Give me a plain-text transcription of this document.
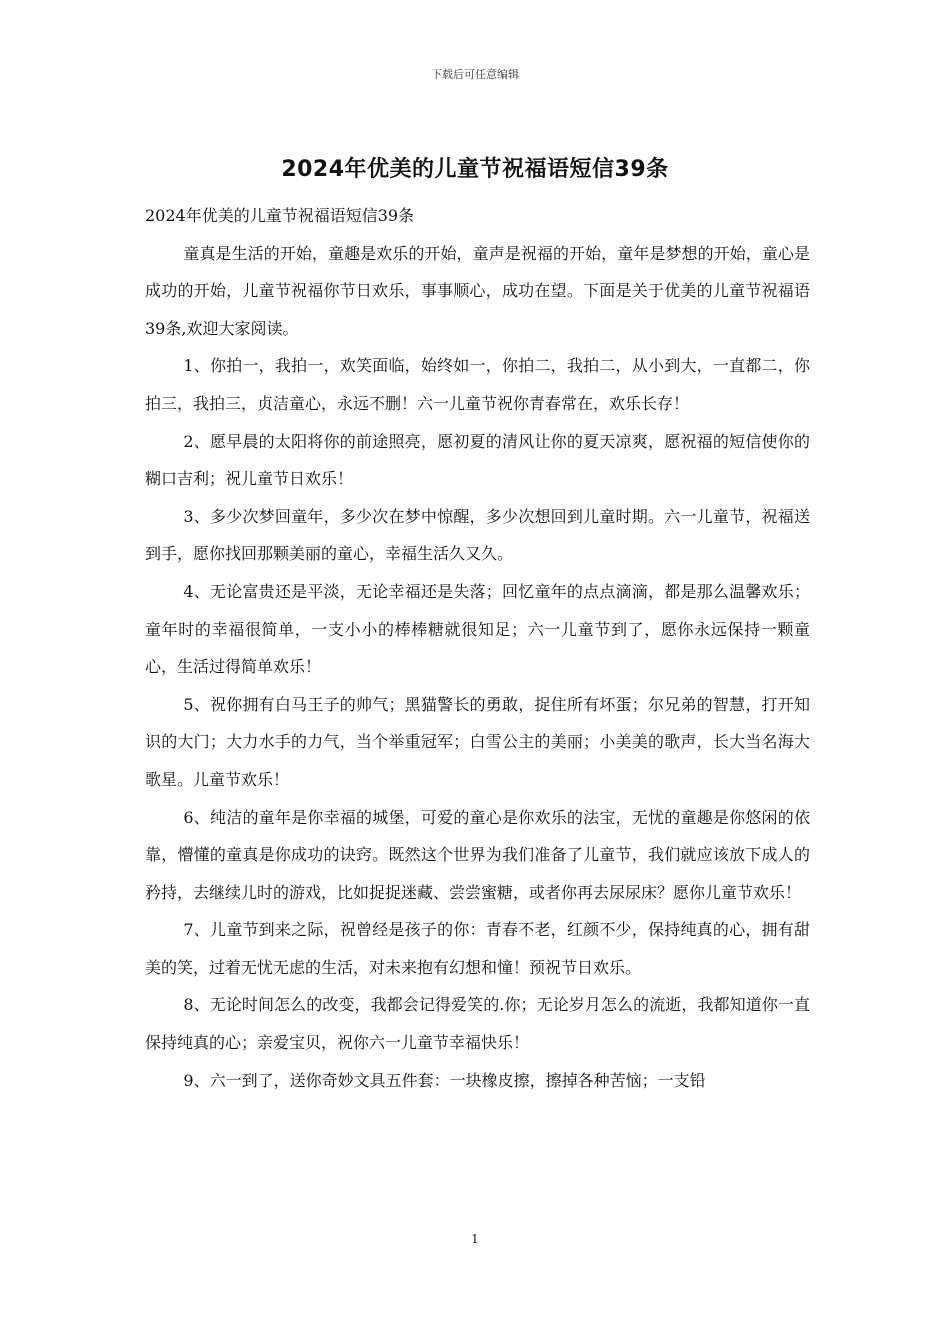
下载后可任意编辑
2024年优美的儿童节祝福语短信39条

2024年优美的儿童节祝福语短信39条

童真是生活的开始，童趣是欢乐的开始，童声是祝福的开始，童年是梦想的开始，童心是成功的开始，儿童节祝福你节日欢乐，事事顺心，成功在望。下面是关于优美的儿童节祝福语39条,欢迎大家阅读。

1、你拍一，我拍一，欢笑面临，始终如一，你拍二，我拍二，从小到大，一直都二，你拍三，我拍三，贞洁童心，永远不删！六一儿童节祝你青春常在，欢乐长存！

2、愿早晨的太阳将你的前途照亮，愿初夏的清风让你的夏天凉爽，愿祝福的短信使你的糊口吉利；祝儿童节日欢乐！

3、多少次梦回童年，多少次在梦中惊醒，多少次想回到儿童时期。六一儿童节，祝福送到手，愿你找回那颗美丽的童心，幸福生活久又久。

4、无论富贵还是平淡，无论幸福还是失落；回忆童年的点点滴滴，都是那么温馨欢乐；童年时的幸福很简单，一支小小的棒棒糖就很知足；六一儿童节到了，愿你永远保持一颗童心，生活过得简单欢乐！

5、祝你拥有白马王子的帅气；黑猫警长的勇敢，捉住所有坏蛋；尔兄弟的智慧，打开知识的大门；大力水手的力气，当个举重冠军；白雪公主的美丽；小美美的歌声，长大当名海大歌星。儿童节欢乐！

6、纯洁的童年是你幸福的城堡，可爱的童心是你欢乐的法宝，无忧的童趣是你悠闲的依靠，懵懂的童真是你成功的诀窍。既然这个世界为我们准备了儿童节，我们就应该放下成人的矜持，去继续儿时的游戏，比如捉捉迷藏、尝尝蜜糖，或者你再去尿尿床？愿你儿童节欢乐！

7、儿童节到来之际，祝曾经是孩子的你：青春不老，红颜不少，保持纯真的心，拥有甜美的笑，过着无忧无虑的生活，对未来抱有幻想和憧！预祝节日欢乐。

8、无论时间怎么的改变，我都会记得爱笑的.你；无论岁月怎么的流逝，我都知道你一直保持纯真的心；亲爱宝贝，祝你六一儿童节幸福快乐！

9、六一到了，送你奇妙文具五件套：一块橡皮擦，擦掉各种苦恼；一支铅

1
